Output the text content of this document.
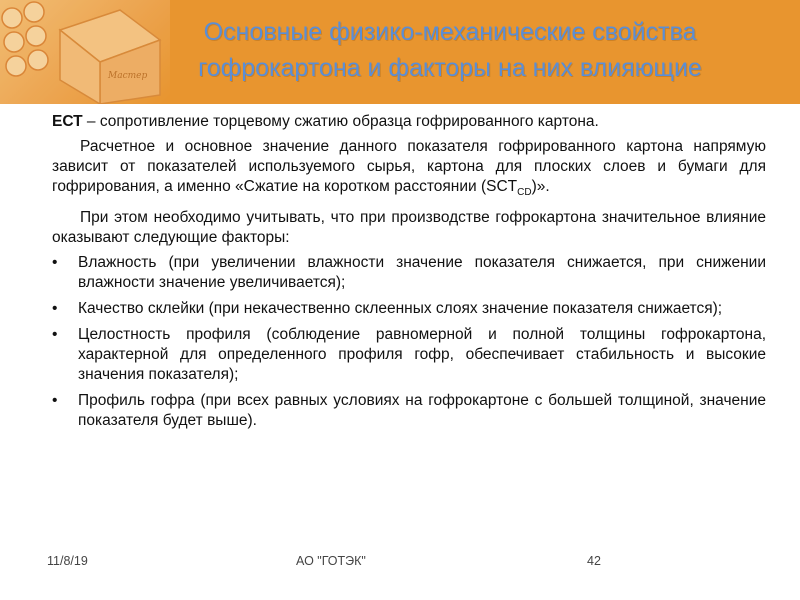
Мастер
Основные физико-механические свойства
гофрокартона и факторы на них влияющие

ЕСТ – сопротивление торцевому сжатию образца гофрированного картона.

Расчетное и основное значение данного показателя гофрированного картона напрямую зависит от показателей используемого сырья, картона для плоских слоев и бумаги для гофрирования, а именно «Сжатие на коротком расстоянии $(SCT_{CD})$».

При этом необходимо учитывать, что при производстве гофрокартона значительное влияние оказывают следующие факторы:

• Влажность (при увеличении влажности значение показателя снижается, при снижении влажности значение увеличивается);
• Качество склейки (при некачественно склеенных слоях значение показателя снижается);
• Целостность профиля (соблюдение равномерной и полной толщины гофрокартона, характерной для определенного профиля гофр, обеспечивает стабильность и высокие значения показателя);
• Профиль гофра (при всех равных условиях на гофрокартоне с большей толщиной, значение показателя будет выше).
11/8/19	АО "ГОТЭК"	42
